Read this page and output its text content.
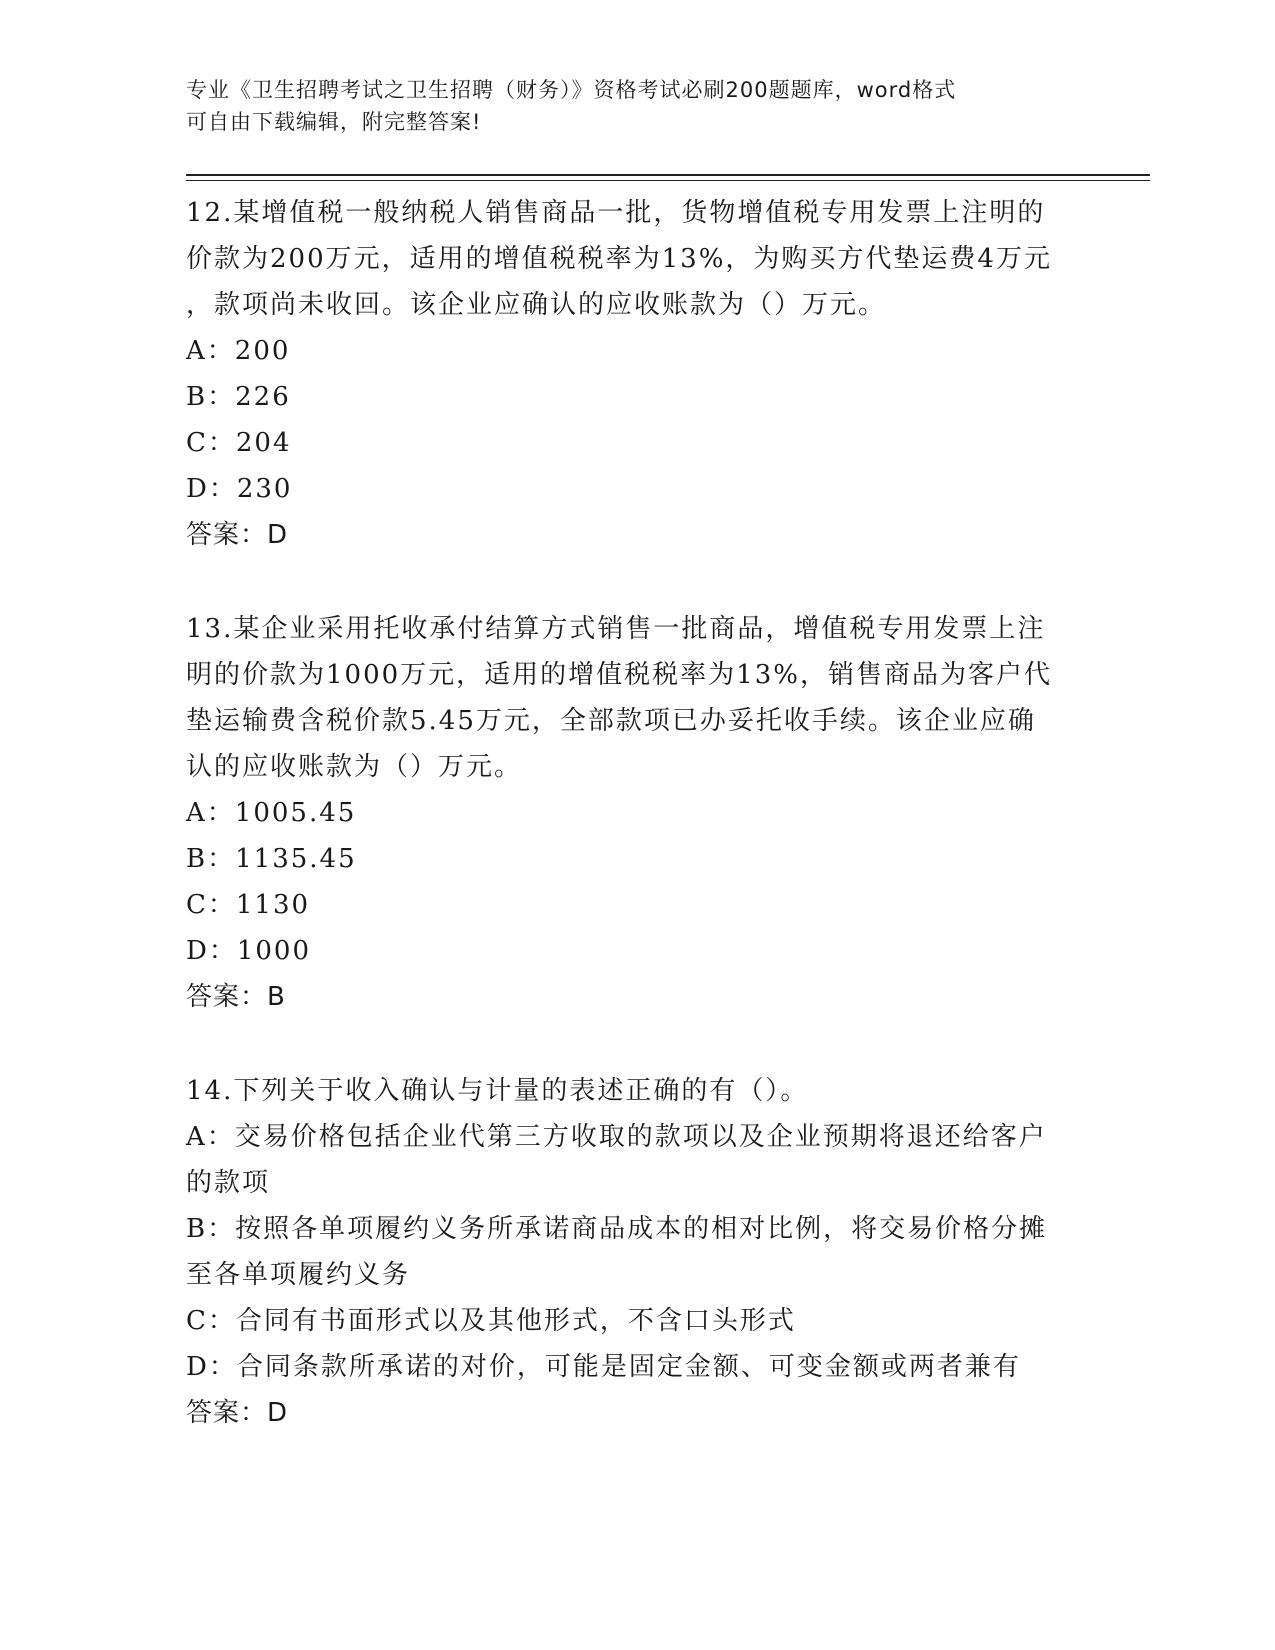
专业《卫生招聘考试之卫生招聘（财务）》资格考试必刷200题题库，word格式

可自由下载编辑，附完整答案!

12.某增值税一般纳税人销售商品一批，货物增值税专用发票上注明的

价款为200万元，适用的增值税税率为13%，为购买方代垫运费4万元

，款项尚未收回。该企业应确认的应收账款为（）万元。

A：200

B：226

C：204

D：230

答案：D

13.某企业采用托收承付结算方式销售一批商品，增值税专用发票上注

明的价款为1000万元，适用的增值税税率为13%，销售商品为客户代

垫运输费含税价款5.45万元，全部款项已办妥托收手续。该企业应确

认的应收账款为（）万元。

A：1005.45

B：1135.45

C：1130

D：1000

答案：B

14.下列关于收入确认与计量的表述正确的有（）。

A：交易价格包括企业代第三方收取的款项以及企业预期将退还给客户

的款项

B：按照各单项履约义务所承诺商品成本的相对比例，将交易价格分摊

至各单项履约义务

C：合同有书面形式以及其他形式，不含口头形式

D：合同条款所承诺的对价，可能是固定金额、可变金额或两者兼有

答案：D
